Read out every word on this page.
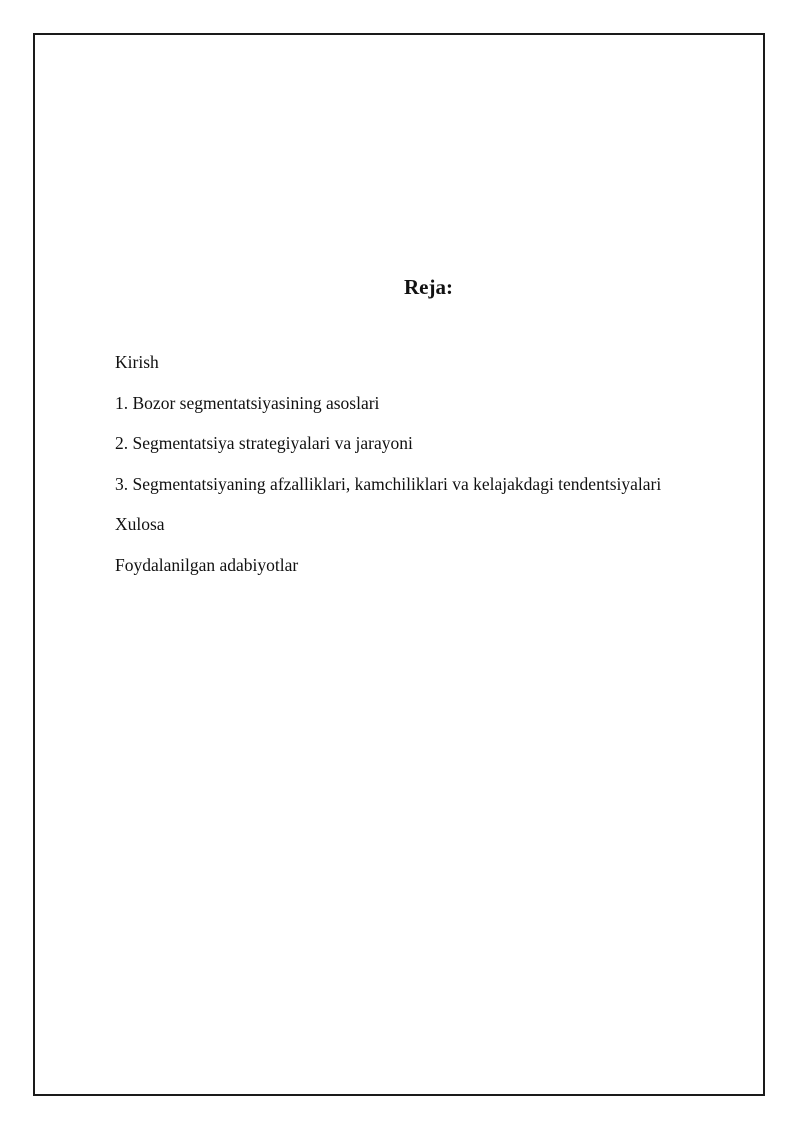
Reja:
Kirish
1. Bozor segmentatsiyasining asoslari
2. Segmentatsiya strategiyalari va jarayoni
3. Segmentatsiyaning afzalliklari, kamchiliklari va kelajakdagi tendentsiyalari
Xulosa
Foydalanilgan adabiyotlar
